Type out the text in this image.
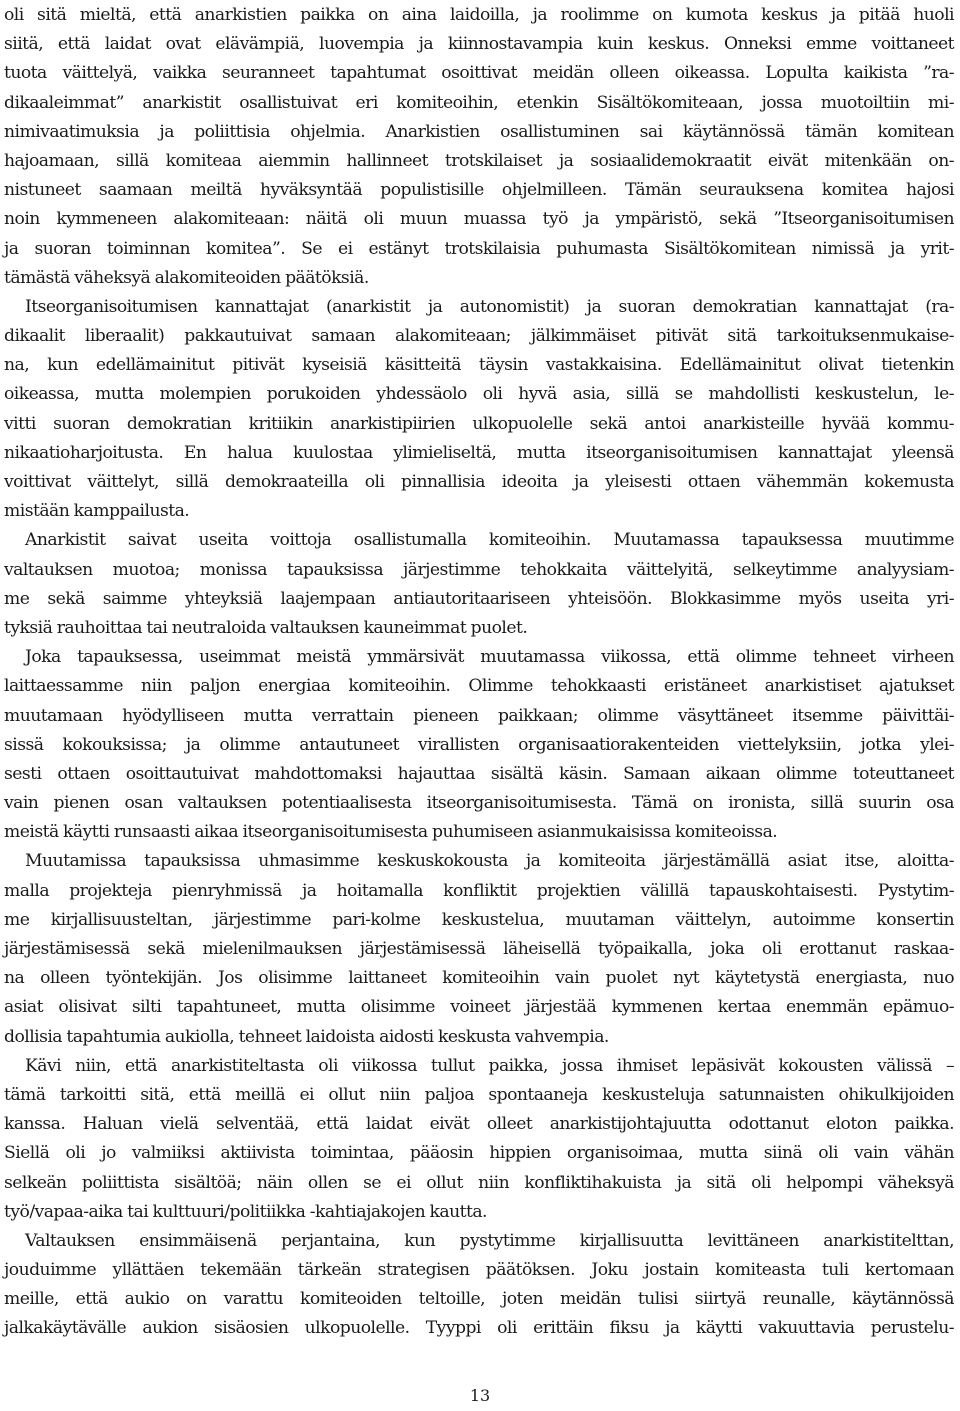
oli sitä mieltä, että anarkistien paikka on aina laidoilla, ja roolimme on kumota keskus ja pitää huoli
siitä, että laidat ovat elävämpiä, luovempia ja kiinnostavampia kuin keskus. Onneksi emme voittaneet
tuota väittelyä, vaikka seuranneet tapahtumat osoittivat meidän olleen oikeassa. Lopulta kaikista ”ra-
dikaaleimmat” anarkistit osallistuivat eri komiteoihin, etenkin Sisältökomiteaan, jossa muotoiltiin mi-
nimivaatimuksia ja poliittisia ohjelmia. Anarkistien osallistuminen sai käytännössä tämän komitean
hajoamaan, sillä komiteaa aiemmin hallinneet trotskilaiset ja sosiaalidemokraatit eivät mitenkään on-
nistuneet saamaan meiltä hyväksyntää populistisille ohjelmilleen. Tämän seurauksena komitea hajosi
noin kymmeneen alakomiteaan: näitä oli muun muassa työ ja ympäristö, sekä ”Itseorganisoitumisen
ja suoran toiminnan komitea”. Se ei estänyt trotskilaisia puhumasta Sisältökomitean nimissä ja yrit-
tämästä väheksyä alakomiteoiden päätöksiä.
Itseorganisoitumisen kannattajat (anarkistit ja autonomistit) ja suoran demokratian kannattajat (ra-
dikaalit liberaalit) pakkautuivat samaan alakomiteaan; jälkimmäiset pitivät sitä tarkoituksenmukaise-
na, kun edellämainitut pitivät kyseisiä käsitteitä täysin vastakkaisina. Edellämainitut olivat tietenkin
oikeassa, mutta molempien porukoiden yhdessäolo oli hyvä asia, sillä se mahdollisti keskustelun, le-
vitti suoran demokratian kritiikin anarkistipiirien ulkopuolelle sekä antoi anarkisteille hyvää kommu-
nikaatioharjoitusta. En halua kuulostaa ylimieliseltä, mutta itseorganisoitumisen kannattajat yleensä
voittivat väittelyt, sillä demokraateilla oli pinnallisia ideoita ja yleisesti ottaen vähemmän kokemusta
mistään kamppailusta.
Anarkistit saivat useita voittoja osallistumalla komiteoihin. Muutamassa tapauksessa muutimme
valtauksen muotoa; monissa tapauksissa järjestimme tehokkaita väittelyitä, selkeytimme analyysiam-
me sekä saimme yhteyksiä laajempaan antiautoritaariseen yhteisöön. Blokkasimme myös useita yri-
tyksiä rauhoittaa tai neutraloida valtauksen kauneimmat puolet.
Joka tapauksessa, useimmat meistä ymmärsivät muutamassa viikossa, että olimme tehneet virheen
laittaessamme niin paljon energiaa komiteoihin. Olimme tehokkaasti eristäneet anarkistiset ajatukset
muutamaan hyödylliseen mutta verrattain pieneen paikkaan; olimme väsyttäneet itsemme päivittäi-
sissä kokouksissa; ja olimme antautuneet virallisten organisaatiorakenteiden viettelyksiin, jotka ylei-
sesti ottaen osoittautuivat mahdottomaksi hajauttaa sisältä käsin. Samaan aikaan olimme toteuttaneet
vain pienen osan valtauksen potentiaalisesta itseorganisoitumisesta. Tämä on ironista, sillä suurin osa
meistä käytti runsaasti aikaa itseorganisoitumisesta puhumiseen asianmukaisissa komiteoissa.
Muutamissa tapauksissa uhmasimme keskuskokousta ja komiteoita järjestämällä asiat itse, aloitta-
malla projekteja pienryhmissä ja hoitamalla konfliktit projektien välillä tapauskohtaisesti. Pystytim-
me kirjallisuusteltan, järjestimme pari-kolme keskustelua, muutaman väittelyn, autoimme konsertin
järjestämisessä sekä mielenilmauksen järjestämisessä läheisellä työpaikalla, joka oli erottanut raskaa-
na olleen työntekijän. Jos olisimme laittaneet komiteoihin vain puolet nyt käytetystä energiasta, nuo
asiat olisivat silti tapahtuneet, mutta olisimme voineet järjestää kymmenen kertaa enemmän epämuo-
dollisia tapahtumia aukiolla, tehneet laidoista aidosti keskusta vahvempia.
Kävi niin, että anarkistiteltasta oli viikossa tullut paikka, jossa ihmiset lepäsivät kokousten välissä –
tämä tarkoitti sitä, että meillä ei ollut niin paljoa spontaaneja keskusteluja satunnaisten ohikulkijoiden
kanssa. Haluan vielä selventää, että laidat eivät olleet anarkistijohtajuutta odottanut eloton paikka.
Siellä oli jo valmiiksi aktiivista toimintaa, pääosin hippien organisoimaa, mutta siinä oli vain vähän
selkeän poliittista sisältöä; näin ollen se ei ollut niin konfliktihakuista ja sitä oli helpompi väheksyä
työ/vapaa-aika tai kulttuuri/politiikka -kahtiajakojen kautta.
Valtauksen ensimmäisenä perjantaina, kun pystytimme kirjallisuutta levittäneen anarkistitelttan,
jouduimme yllättäen tekemään tärkeän strategisen päätöksen. Joku jostain komiteasta tuli kertomaan
meille, että aukio on varattu komiteoiden teltoille, joten meidän tulisi siirtyä reunalle, käytännössä
jalkakäytävälle aukion sisäosien ulkopuolelle. Tyyppi oli erittäin fiksu ja käytti vakuuttavia perustelu-
13
